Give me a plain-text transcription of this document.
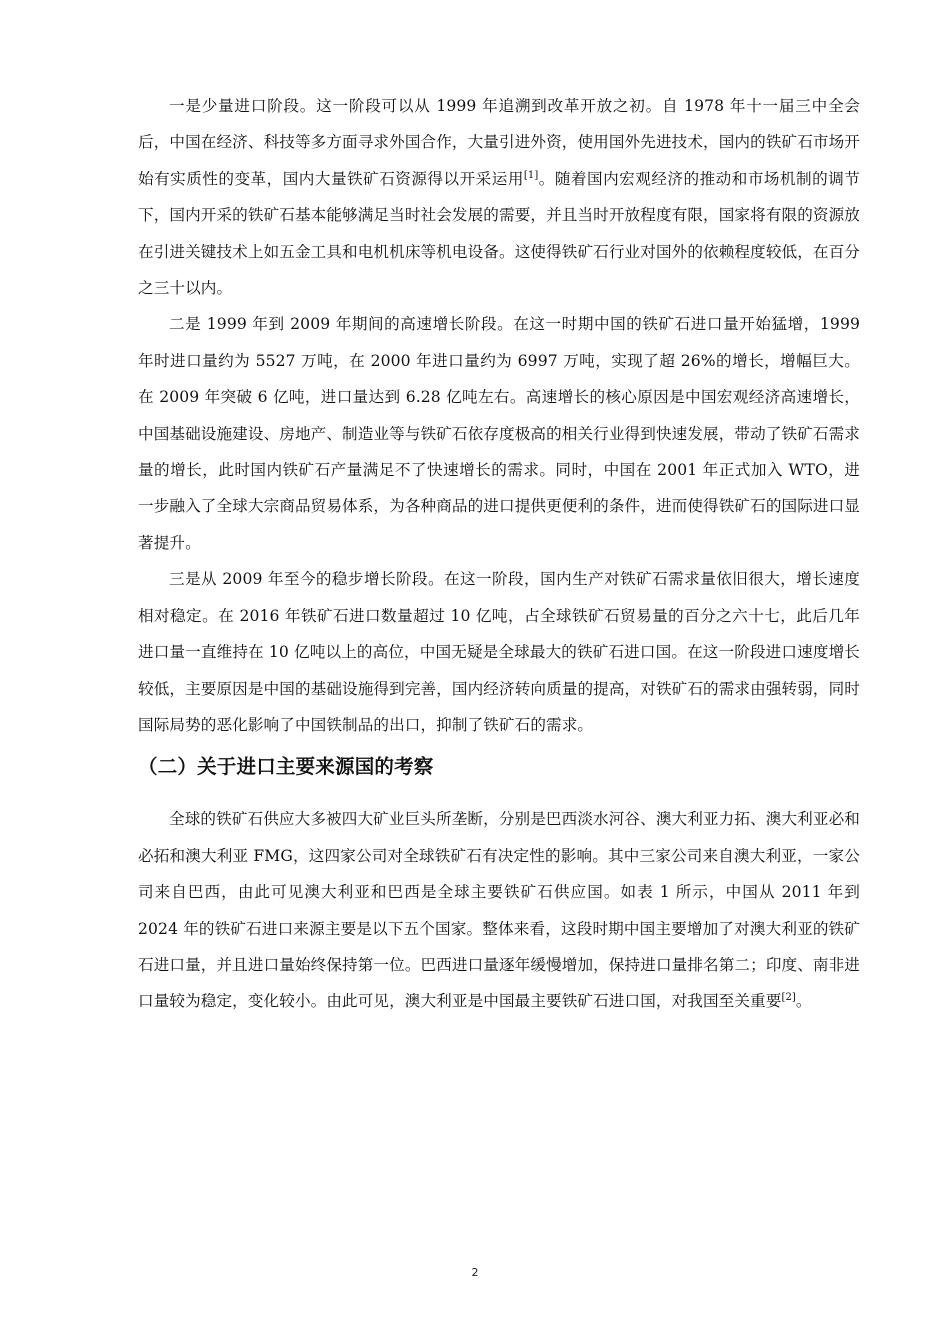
一是少量进口阶段。这一阶段可以从 1999 年追溯到改革开放之初。自 1978 年十一届三中全会后，中国在经济、科技等多方面寻求外国合作，大量引进外资，使用国外先进技术，国内的铁矿石市场开始有实质性的变革，国内大量铁矿石资源得以开采运用[1]。随着国内宏观经济的推动和市场机制的调节下，国内开采的铁矿石基本能够满足当时社会发展的需要，并且当时开放程度有限，国家将有限的资源放在引进关键技术上如五金工具和电机机床等机电设备。这使得铁矿石行业对国外的依赖程度较低，在百分之三十以内。

二是 1999 年到 2009 年期间的高速增长阶段。在这一时期中国的铁矿石进口量开始猛增，1999 年时进口量约为 5527 万吨，在 2000 年进口量约为 6997 万吨，实现了超 26%的增长，增幅巨大。在 2009 年突破 6 亿吨，进口量达到 6.28 亿吨左右。高速增长的核心原因是中国宏观经济高速增长，中国基础设施建设、房地产、制造业等与铁矿石依存度极高的相关行业得到快速发展，带动了铁矿石需求量的增长，此时国内铁矿石产量满足不了快速增长的需求。同时，中国在 2001 年正式加入 WTO，进一步融入了全球大宗商品贸易体系，为各种商品的进口提供更便利的条件，进而使得铁矿石的国际进口显著提升。

三是从 2009 年至今的稳步增长阶段。在这一阶段，国内生产对铁矿石需求量依旧很大，增长速度相对稳定。在 2016 年铁矿石进口数量超过 10 亿吨，占全球铁矿石贸易量的百分之六十七，此后几年进口量一直维持在 10 亿吨以上的高位，中国无疑是全球最大的铁矿石进口国。在这一阶段进口速度增长较低，主要原因是中国的基础设施得到完善，国内经济转向质量的提高，对铁矿石的需求由强转弱，同时国际局势的恶化影响了中国铁制品的出口，抑制了铁矿石的需求。

（二）关于进口主要来源国的考察

全球的铁矿石供应大多被四大矿业巨头所垄断，分别是巴西淡水河谷、澳大利亚力拓、澳大利亚必和必拓和澳大利亚 FMG，这四家公司对全球铁矿石有决定性的影响。其中三家公司来自澳大利亚，一家公司来自巴西，由此可见澳大利亚和巴西是全球主要铁矿石供应国。如表 1 所示，中国从 2011 年到 2024 年的铁矿石进口来源主要是以下五个国家。整体来看，这段时期中国主要增加了对澳大利亚的铁矿石进口量，并且进口量始终保持第一位。巴西进口量逐年缓慢增加，保持进口量排名第二；印度、南非进口量较为稳定，变化较小。由此可见，澳大利亚是中国最主要铁矿石进口国，对我国至关重要[2]。

2
